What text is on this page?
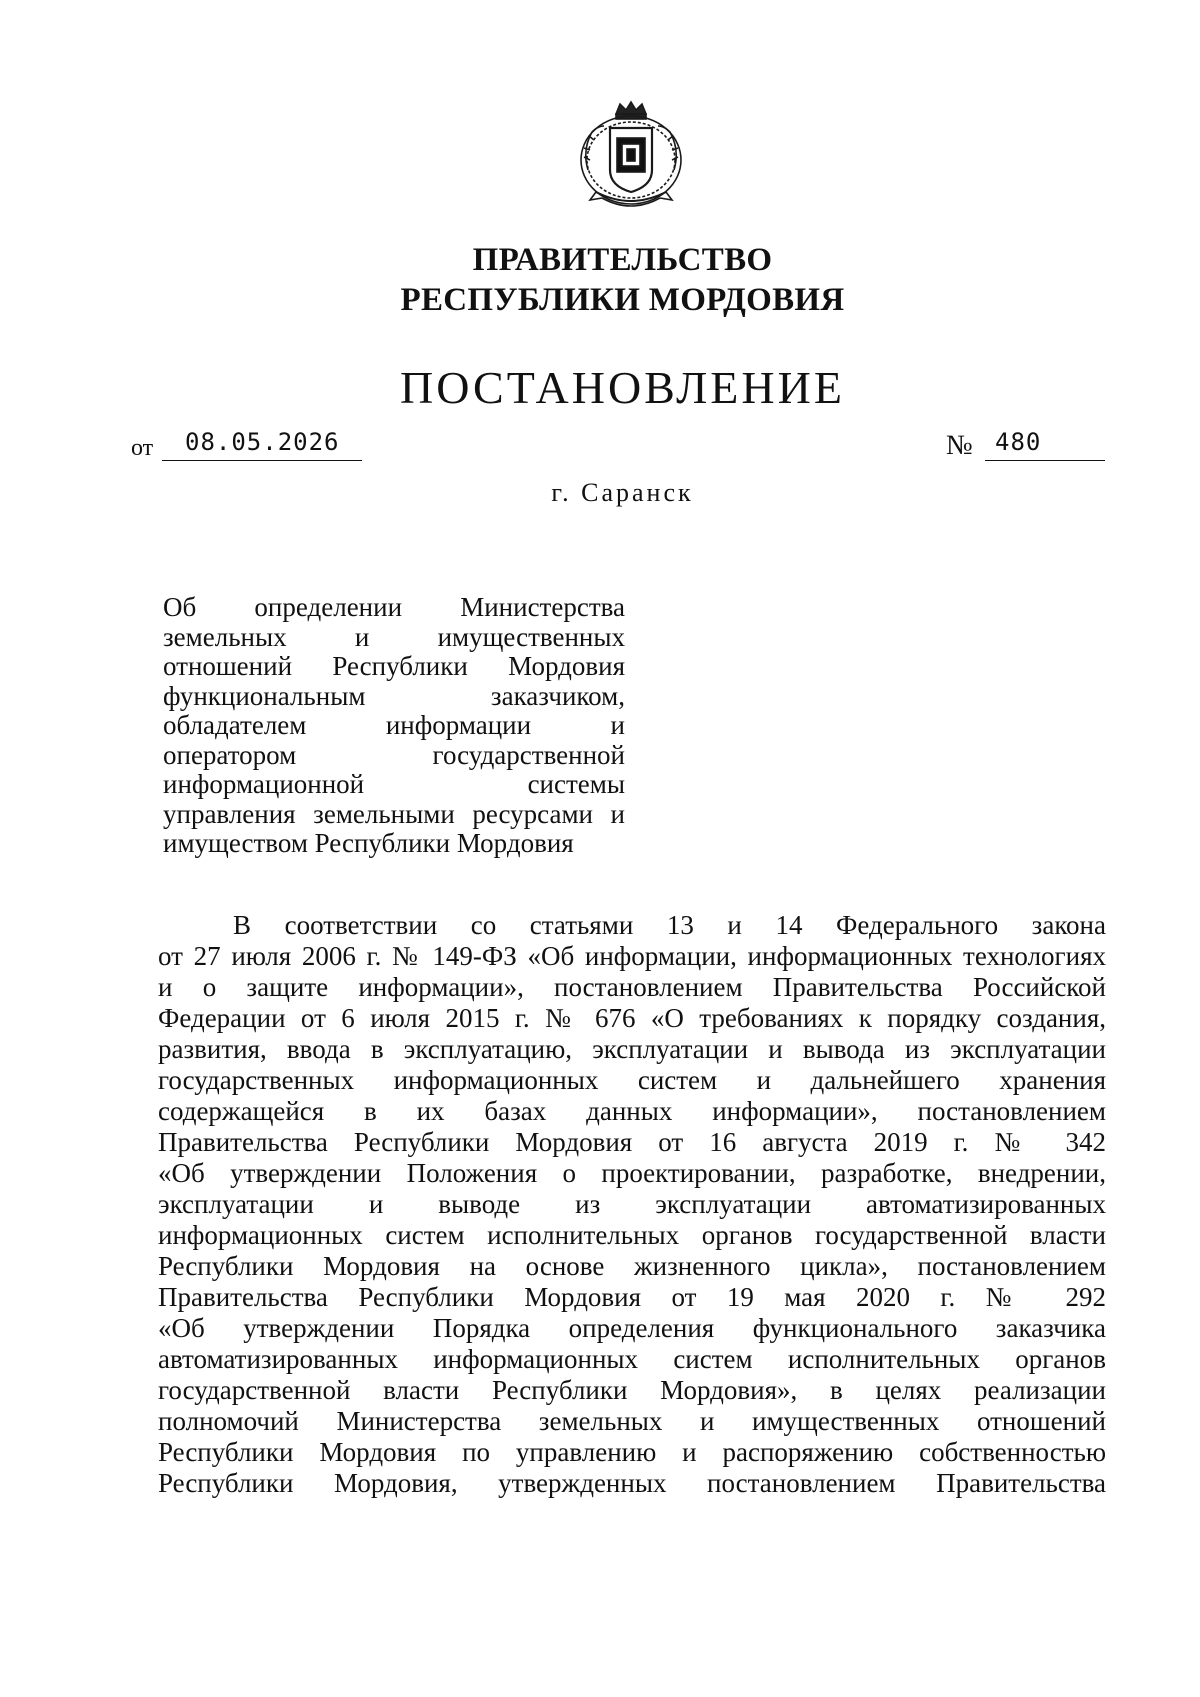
ПРАВИТЕЛЬСТВО
РЕСПУБЛИКИ МОРДОВИЯ
ПОСТАНОВЛЕНИЕ
от 08.05.2026	№ 480
г. Саранск
Об определении Министерства
земельных и имущественных
отношений Республики Мордовия
функциональным заказчиком,
обладателем информации и
оператором государственной
информационной системы
управления земельными ресурсами и
имуществом Республики Мордовия
В соответствии со статьями 13 и 14 Федерального закона
от 27 июля 2006 г. № 149-ФЗ «Об информации, информационных технологиях
и о защите информации», постановлением Правительства Российской
Федерации от 6 июля 2015 г. № 676 «О требованиях к порядку создания,
развития, ввода в эксплуатацию, эксплуатации и вывода из эксплуатации
государственных информационных систем и дальнейшего хранения
содержащейся в их базах данных информации», постановлением
Правительства Республики Мордовия от 16 августа 2019 г. № 342
«Об утверждении Положения о проектировании, разработке, внедрении,
эксплуатации и выводе из эксплуатации автоматизированных
информационных систем исполнительных органов государственной власти
Республики Мордовия на основе жизненного цикла», постановлением
Правительства Республики Мордовия от 19 мая 2020 г. № 292
«Об утверждении Порядка определения функционального заказчика
автоматизированных информационных систем исполнительных органов
государственной власти Республики Мордовия», в целях реализации
полномочий Министерства земельных и имущественных отношений
Республики Мордовия по управлению и распоряжению собственностью
Республики Мордовия, утвержденных постановлением Правительства
